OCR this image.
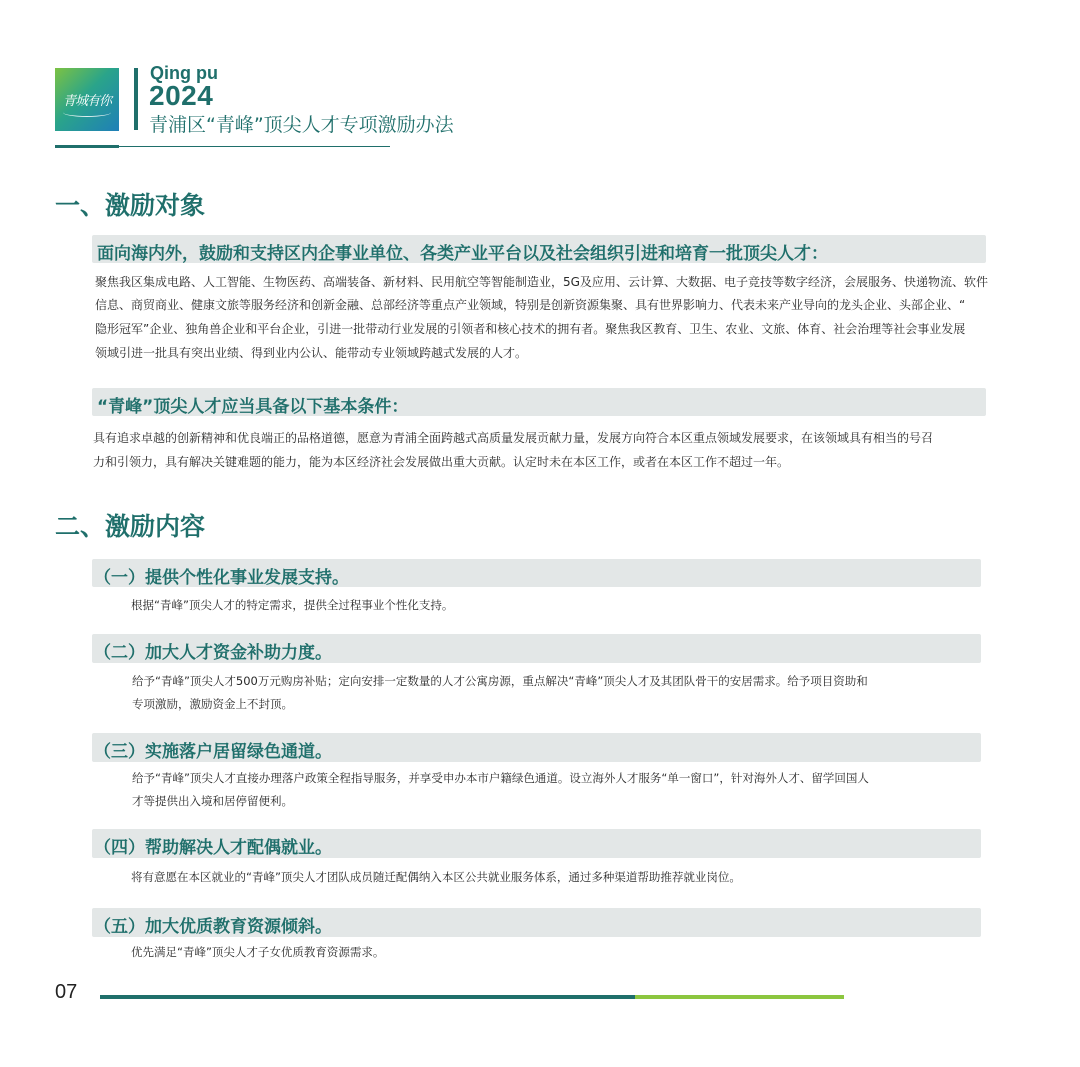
青城有你
Qing pu
2024
青浦区“青峰”顶尖人才专项激励办法
一、激励对象
面向海内外，鼓励和支持区内企事业单位、各类产业平台以及社会组织引进和培育一批顶尖人才：

聚焦我区集成电路、人工智能、生物医药、高端装备、新材料、民用航空等智能制造业，5G及应用、云计算、大数据、电子竞技等数字经济，会展服务、快递物流、软件

信息、商贸商业、健康文旅等服务经济和创新金融、总部经济等重点产业领域，特别是创新资源集聚、具有世界影响力、代表未来产业导向的龙头企业、头部企业、“

隐形冠军”企业、独角兽企业和平台企业，引进一批带动行业发展的引领者和核心技术的拥有者。聚焦我区教育、卫生、农业、文旅、体育、社会治理等社会事业发展

领域引进一批具有突出业绩、得到业内公认、能带动专业领域跨越式发展的人才。

“青峰”顶尖人才应当具备以下基本条件：

具有追求卓越的创新精神和优良端正的品格道德，愿意为青浦全面跨越式高质量发展贡献力量，发展方向符合本区重点领域发展要求，在该领域具有相当的号召

力和引领力，具有解决关键难题的能力，能为本区经济社会发展做出重大贡献。认定时未在本区工作，或者在本区工作不超过一年。

二、激励内容
（一）提供个性化事业发展支持。

根据“青峰”顶尖人才的特定需求，提供全过程事业个性化支持。

（二）加大人才资金补助力度。

给予“青峰”顶尖人才500万元购房补贴；定向安排一定数量的人才公寓房源，重点解决“青峰”顶尖人才及其团队骨干的安居需求。给予项目资助和

专项激励，激励资金上不封顶。

（三）实施落户居留绿色通道。

给予“青峰”顶尖人才直接办理落户政策全程指导服务，并享受申办本市户籍绿色通道。设立海外人才服务“单一窗口”，针对海外人才、留学回国人

才等提供出入境和居停留便利。

（四）帮助解决人才配偶就业。

将有意愿在本区就业的“青峰”顶尖人才团队成员随迁配偶纳入本区公共就业服务体系，通过多种渠道帮助推荐就业岗位。

（五）加大优质教育资源倾斜。

优先满足“青峰”顶尖人才子女优质教育资源需求。

07
